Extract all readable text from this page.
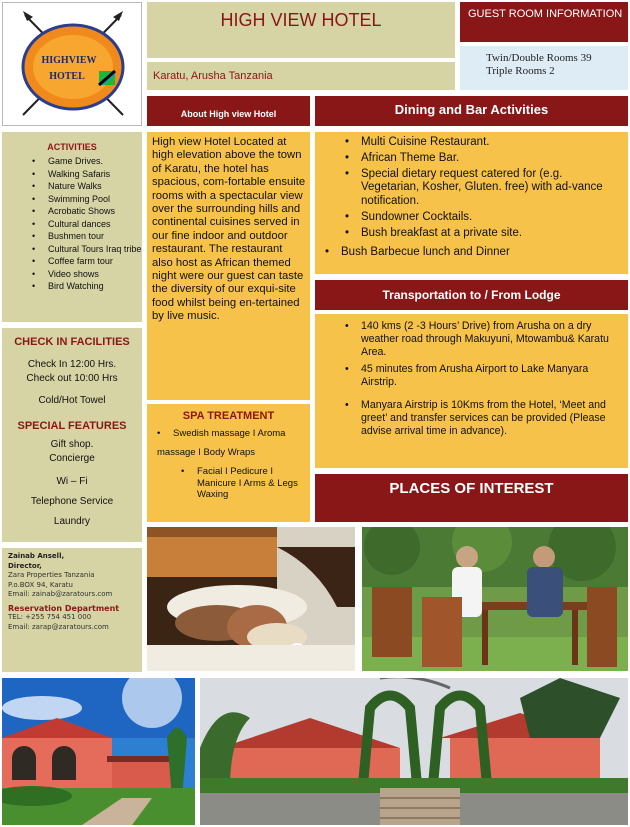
HIGHVIEW
HOTEL
HIGH VIEW HOTEL
Karatu, Arusha Tanzania
GUEST ROOM INFORMATION
Twin/Double Rooms 39
Triple Rooms 2
About High view Hotel	Dining and Bar Activities
ACTIVITIES
• Game Drives.
• Walking Safaris
• Nature Walks
• Swimming Pool
• Acrobatic Shows
• Cultural dances
• Bushmen tour
• Cultural Tours Iraq tribe
• Coffee farm tour
• Video shows
• Bird Watching
High view Hotel Located at high elevation above the town of Karatu, the hotel has spacious, com-fortable ensuite rooms with a spectacular view over the surrounding hills and continental cuisines served in our fine indoor and outdoor restaurant. The restaurant also host as African themed night were our guest can taste the diversity of our exqui-site food whilst being en-tertained by live music.
• Multi Cuisine Restaurant.
• African Theme Bar.
• Special dietary request catered for (e.g. Vegetarian, Kosher, Gluten. free) with ad-vance notification.
• Sundowner Cocktails.
• Bush breakfast at a private site.
• Bush Barbecue lunch and Dinner
CHECK IN FACILITIES

Check In 12:00 Hrs.

Check out 10:00 Hrs

Cold/Hot Towel

SPECIAL FEATURES

Gift shop.

Concierge

Wi – Fi

Telephone Service

Laundry

Transportation to / From Lodge
• 140 kms (2 -3 Hours’ Drive) from Arusha on a dry weather road through Makuyuni, Mtowambu& Karatu Area.
• 45 minutes from Arusha Airport to Lake Manyara Airstrip.
• Manyara Airstrip is 10Kms from the Hotel, ‘Meet and greet’ and transfer services can be provided (Please advise arrival time in advance).
SPA TREATMENT
• Swedish massage I Aroma
massage I Body Wraps
• Facial I Pedicure I Manicure I Arms & Legs Waxing	PLACES OF INTEREST
Zainab Ansell,
Director,
Zara Properties Tanzania
P.o.BOX 94, Karatu
Email: zainab@zaratours.com
Reservation Department
TEL: +255 754 451 000
Email: zarap@zaratours.com
